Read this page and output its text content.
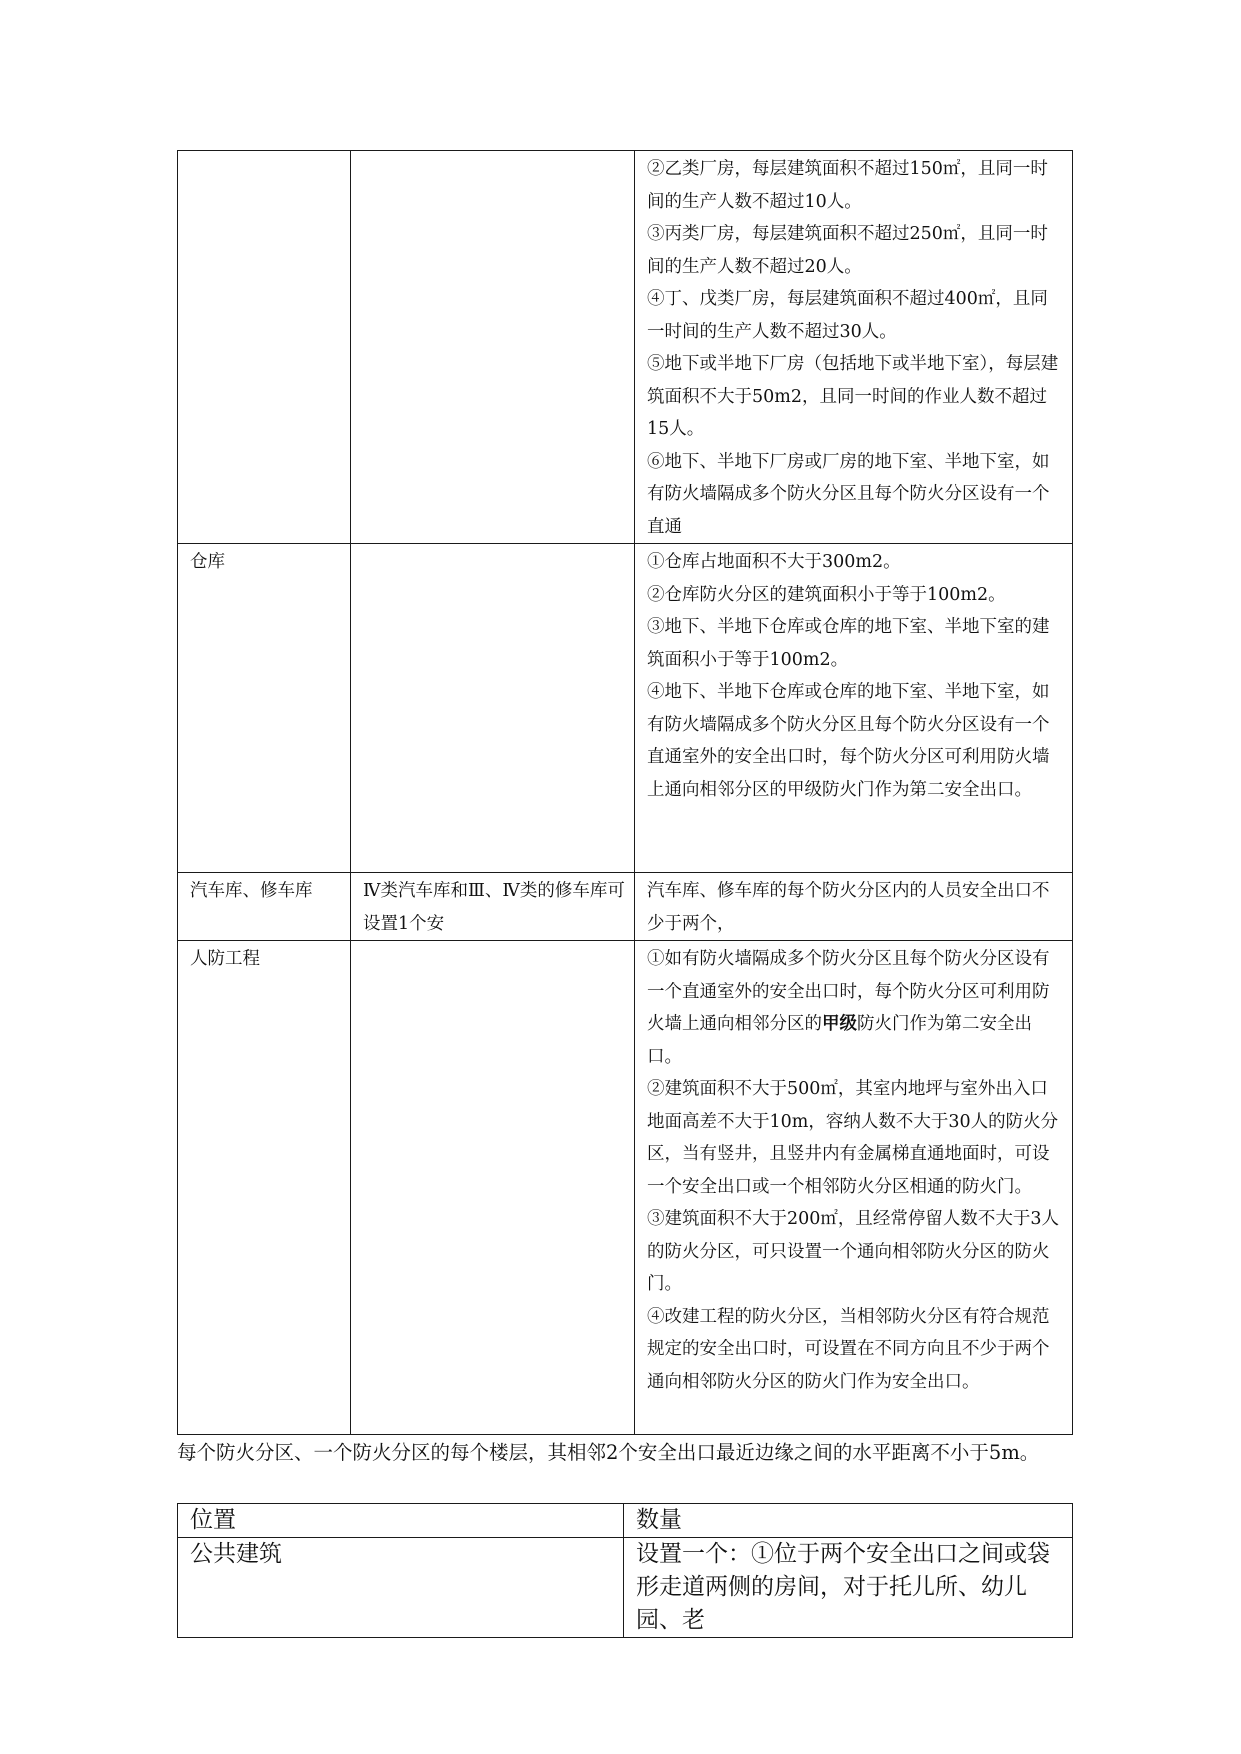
		②乙类厂房，每层建筑面积不超过150㎡，且同一时间的生产人数不超过10人。

③丙类厂房，每层建筑面积不超过250㎡，且同一时间的生产人数不超过20人。

④丁、戊类厂房，每层建筑面积不超过400㎡，且同一时间的生产人数不超过30人。

⑤地下或半地下厂房（包括地下或半地下室），每层建筑面积不大于50m2，且同一时间的作业人数不超过15人。

⑥地下、半地下厂房或厂房的地下室、半地下室，如有防火墙隔成多个防火分区且每个防火分区设有一个直通

仓库		①仓库占地面积不大于300m2。

②仓库防火分区的建筑面积小于等于100m2。

③地下、半地下仓库或仓库的地下室、半地下室的建筑面积小于等于100m2。

④地下、半地下仓库或仓库的地下室、半地下室，如有防火墙隔成多个防火分区且每个防火分区设有一个直通室外的安全出口时，每个防火分区可利用防火墙上通向相邻分区的甲级防火门作为第二安全出口。

汽车库、修车库	Ⅳ类汽车库和Ⅲ、Ⅳ类的修车库可设置1个安	汽车库、修车库的每个防火分区内的人员安全出口不少于两个，

人防工程		①如有防火墙隔成多个防火分区且每个防火分区设有一个直通室外的安全出口时，每个防火分区可利用防火墙上通向相邻分区的甲级防火门作为第二安全出口。

②建筑面积不大于500㎡，其室内地坪与室外出入口地面高差不大于10m，容纳人数不大于30人的防火分区，当有竖井，且竖井内有金属梯直通地面时，可设一个安全出口或一个相邻防火分区相通的防火门。

③建筑面积不大于200㎡，且经常停留人数不大于3人的防火分区，可只设置一个通向相邻防火分区的防火门。

④改建工程的防火分区，当相邻防火分区有符合规范规定的安全出口时，可设置在不同方向且不少于两个通向相邻防火分区的防火门作为安全出口。

每个防火分区、一个防火分区的每个楼层，其相邻2个安全出口最近边缘之间的水平距离不小于5m。

位置	数量
公共建筑	设置一个：①位于两个安全出口之间或袋形走道两侧的房间，对于托儿所、幼儿园、老
